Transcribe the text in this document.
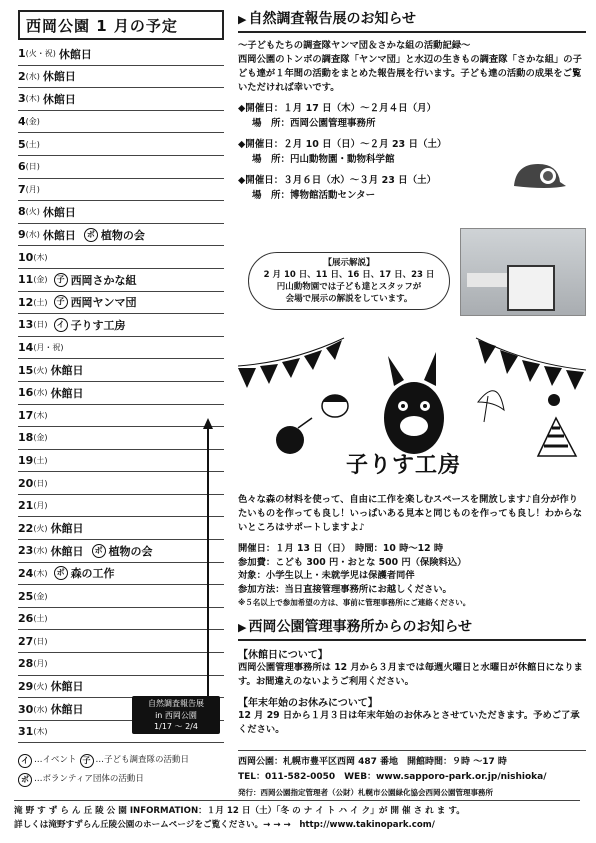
西岡公園 1 月の予定
1 (火・祝) 休館日
2 (水) 休館日
3 (木) 休館日
4 (金)
5 (土)
6 (日)
7 (月)
8 (火) 休館日
9 (水) 休館日	ボ 植物の会
10 (木)
11 (金)	子 西岡さかな組
12 (土)	子 西岡ヤンマ団
13 (日)	イ 子りす工房
14 (月・祝)
15 (火) 休館日
16 (水) 休館日
17 (木)
18 (金)
19 (土)
20 (日)
21 (月)
22 (火) 休館日
23 (水) 休館日	ボ 植物の会
24 (木)	ボ 森の工作
25 (金)
26 (土)
27 (日)
28 (月)
29 (火) 休館日
30 (水) 休館日
31 (木)
自然調査報告展
in 西岡公園
1/17 ～ 2/4
イ …イベント 子 …子ども調査隊の活動日
ボ …ボランティア団体の活動日
▶ 自然調査報告展のお知らせ
～子どもたちの調査隊ヤンマ団＆さかな組の活動記録～
西岡公園のトンボの調査隊「ヤンマ団」と水辺の生きもの調査隊「さかな組」の子ども達が１年間の活動をまとめた報告展を行います。子ども達の活動の成果をご覧いただければ幸いです。
◆開催日：１月 17 日（木）～２月４日（月）
場　所：西岡公園管理事務所
◆開催日：２月 10 日（日）～２月 23 日（土）
場　所：円山動物園・動物科学館
◆開催日：３月６日（水）～３月 23 日（土）
場　所：博物館活動センター
【展示解説】
2 月 10 日、11 日、16 日、17 日、23 日
円山動物園では子ども達とスタッフが
会場で展示の解説をしています。
子りす工房
色々な森の材料を使って、自由に工作を楽しむスペースを開放します♪自分が作りたいものを作っても良し！いっぱいある見本と同じものを作っても良し！わからないところはサポートしますよ♪
開催日：１月 13 日（日）　時間：10 時～12 時
参加費：こども 300 円・おとな 500 円（保険料込）
対象：小学生以上・未就学児は保護者同伴
参加方法：当日直接管理事務所にお越しください。
※５名以上で参加希望の方は、事前に管理事務所にご連絡ください。
▶ 西岡公園管理事務所からのお知らせ
【休館日について】
西岡公園管理事務所は 12 月から３月までは毎週火曜日と水曜日が休館日になります。お間違えのないようご利用ください。
【年末年始のお休みについて】
12 月 29 日から１月３日は年末年始のお休みとさせていただきます。予めご了承ください。
西岡公園：札幌市豊平区西岡 487 番地　開館時間：９時 ～17 時
TEL：011-582-0050　WEB：www.sapporo-park.or.jp/nishioka/
発行：西岡公園指定管理者（公財）札幌市公園緑化協会西岡公園管理事務所
滝 野 す ず ら ん 丘 陵 公 園 INFORMATION：１月 12 日（土）「冬 の ナ イ ト ハ イ ク」が 開 催 さ れ ま す。
詳しくは滝野すずらん丘陵公園のホームページをご覧ください。→ → →　http://www.takinopark.com/
